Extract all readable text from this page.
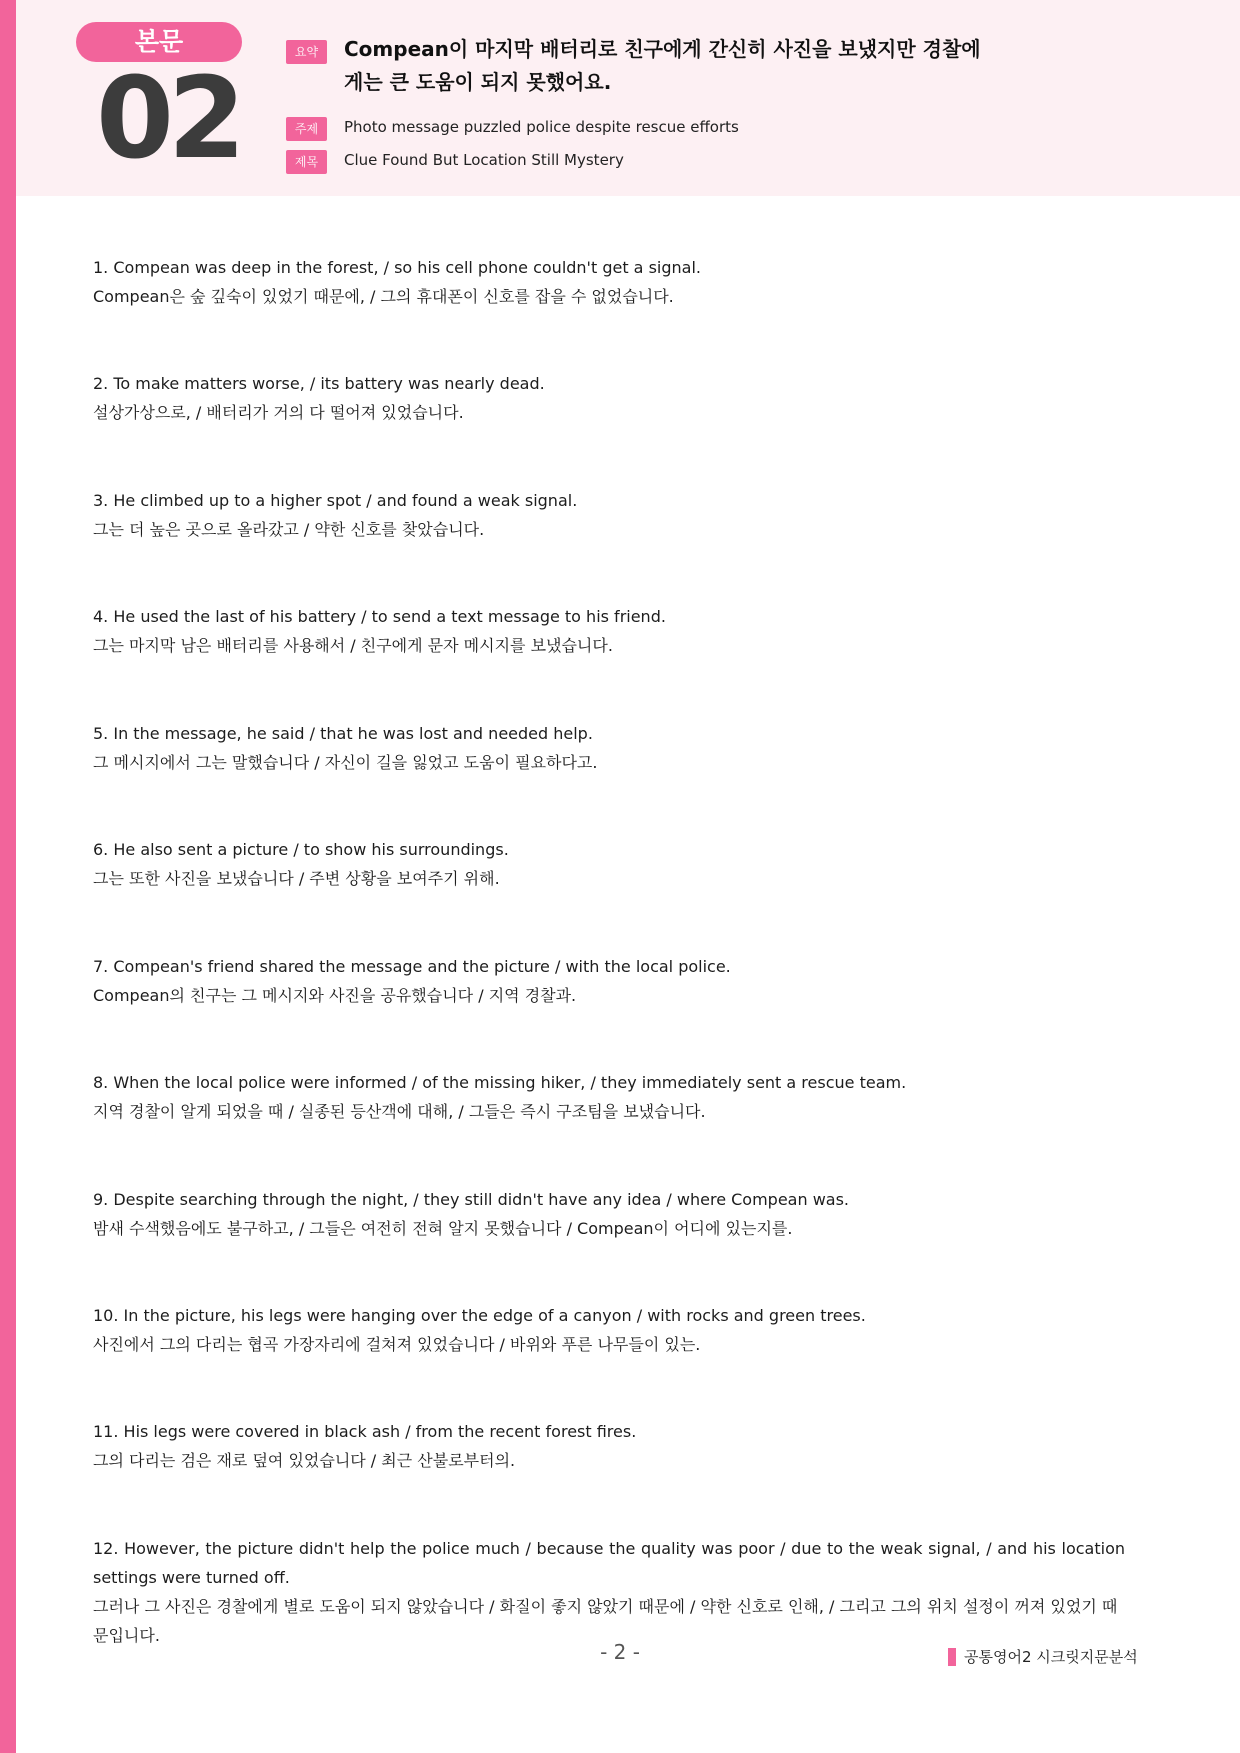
본문
02
요약	Compean이 마지막 배터리로 친구에게 간신히 사진을 보냈지만 경찰에게는 큰 도움이 되지 못했어요.
주제	Photo message puzzled police despite rescue efforts
제목	Clue Found But Location Still Mystery
1. Compean was deep in the forest, / so his cell phone couldn't get a signal.
Compean은 숲 깊숙이 있었기 때문에, / 그의 휴대폰이 신호를 잡을 수 없었습니다.
2. To make matters worse, / its battery was nearly dead.
설상가상으로, / 배터리가 거의 다 떨어져 있었습니다.
3. He climbed up to a higher spot / and found a weak signal.
그는 더 높은 곳으로 올라갔고 / 약한 신호를 찾았습니다.
4. He used the last of his battery / to send a text message to his friend.
그는 마지막 남은 배터리를 사용해서 / 친구에게 문자 메시지를 보냈습니다.
5. In the message, he said / that he was lost and needed help.
그 메시지에서 그는 말했습니다 / 자신이 길을 잃었고 도움이 필요하다고.
6. He also sent a picture / to show his surroundings.
그는 또한 사진을 보냈습니다 / 주변 상황을 보여주기 위해.
7. Compean's friend shared the message and the picture / with the local police.
Compean의 친구는 그 메시지와 사진을 공유했습니다 / 지역 경찰과.
8. When the local police were informed / of the missing hiker, / they immediately sent a rescue team.
지역 경찰이 알게 되었을 때 / 실종된 등산객에 대해, / 그들은 즉시 구조팀을 보냈습니다.
9. Despite searching through the night, / they still didn't have any idea / where Compean was.
밤새 수색했음에도 불구하고, / 그들은 여전히 전혀 알지 못했습니다 / Compean이 어디에 있는지를.
10. In the picture, his legs were hanging over the edge of a canyon / with rocks and green trees.
사진에서 그의 다리는 협곡 가장자리에 걸쳐져 있었습니다 / 바위와 푸른 나무들이 있는.
11. His legs were covered in black ash / from the recent forest fires.
그의 다리는 검은 재로 덮여 있었습니다 / 최근 산불로부터의.
12. However, the picture didn't help the police much / because the quality was poor / due to the weak signal, / and his location settings were turned off.
그러나 그 사진은 경찰에게 별로 도움이 되지 않았습니다 / 화질이 좋지 않았기 때문에 / 약한 신호로 인해, / 그리고 그의 위치 설정이 꺼져 있었기 때문입니다.
- 2 -	공통영어2 시크릿지문분석
